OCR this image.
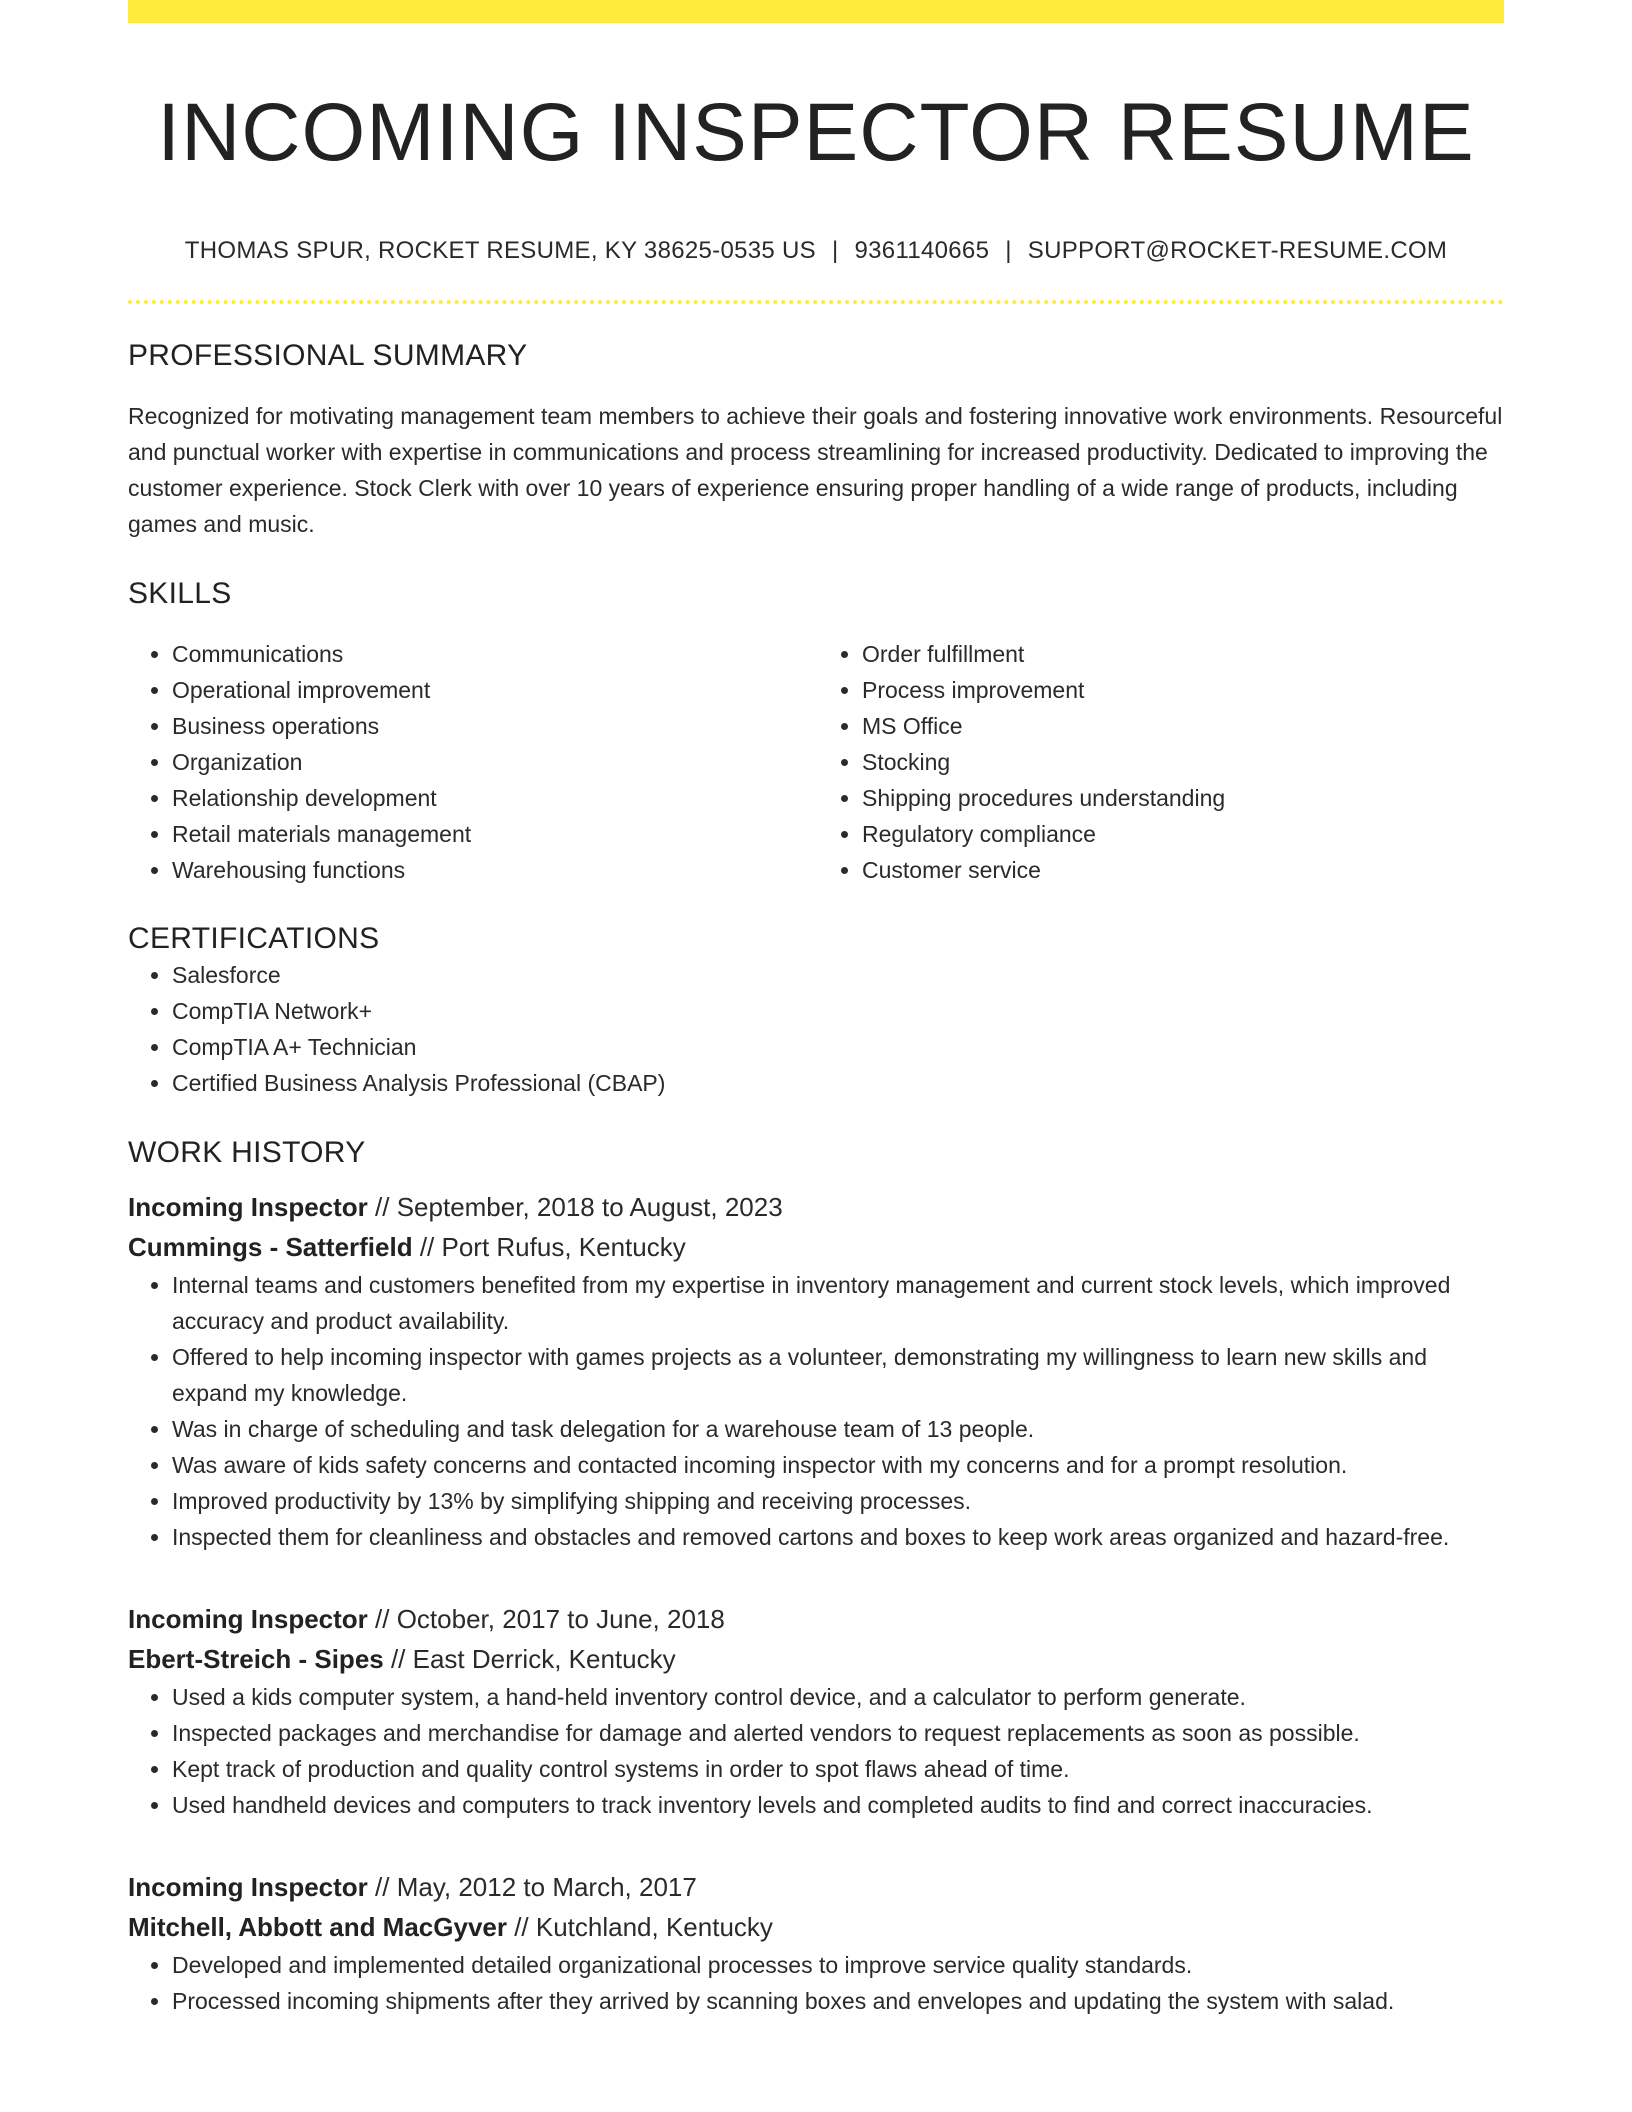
INCOMING INSPECTOR RESUME
THOMAS SPUR, ROCKET RESUME, KY 38625-0535 US | 9361140665 | SUPPORT@ROCKET-RESUME.COM
PROFESSIONAL SUMMARY

Recognized for motivating management team members to achieve their goals and fostering innovative work environments. Resourceful and punctual worker with expertise in communications and process streamlining for increased productivity. Dedicated to improving the customer experience. Stock Clerk with over 10 years of experience ensuring proper handling of a wide range of products, including games and music.

SKILLS
• Communications
• Operational improvement
• Business operations
• Organization
• Relationship development
• Retail materials management
• Warehousing functions
• Order fulfillment
• Process improvement
• MS Office
• Stocking
• Shipping procedures understanding
• Regulatory compliance
• Customer service
CERTIFICATIONS
• Salesforce
• CompTIA Network+
• CompTIA A+ Technician
• Certified Business Analysis Professional (CBAP)
WORK HISTORY
Incoming Inspector // September, 2018 to August, 2023
Cummings - Satterfield // Port Rufus, Kentucky
• Internal teams and customers benefited from my expertise in inventory management and current stock levels, which improved accuracy and product availability.
• Offered to help incoming inspector with games projects as a volunteer, demonstrating my willingness to learn new skills and expand my knowledge.
• Was in charge of scheduling and task delegation for a warehouse team of 13 people.
• Was aware of kids safety concerns and contacted incoming inspector with my concerns and for a prompt resolution.
• Improved productivity by 13% by simplifying shipping and receiving processes.
• Inspected them for cleanliness and obstacles and removed cartons and boxes to keep work areas organized and hazard-free.
Incoming Inspector // October, 2017 to June, 2018
Ebert-Streich - Sipes // East Derrick, Kentucky
• Used a kids computer system, a hand-held inventory control device, and a calculator to perform generate.
• Inspected packages and merchandise for damage and alerted vendors to request replacements as soon as possible.
• Kept track of production and quality control systems in order to spot flaws ahead of time.
• Used handheld devices and computers to track inventory levels and completed audits to find and correct inaccuracies.
Incoming Inspector // May, 2012 to March, 2017
Mitchell, Abbott and MacGyver // Kutchland, Kentucky
• Developed and implemented detailed organizational processes to improve service quality standards.
• Processed incoming shipments after they arrived by scanning boxes and envelopes and updating the system with salad.
